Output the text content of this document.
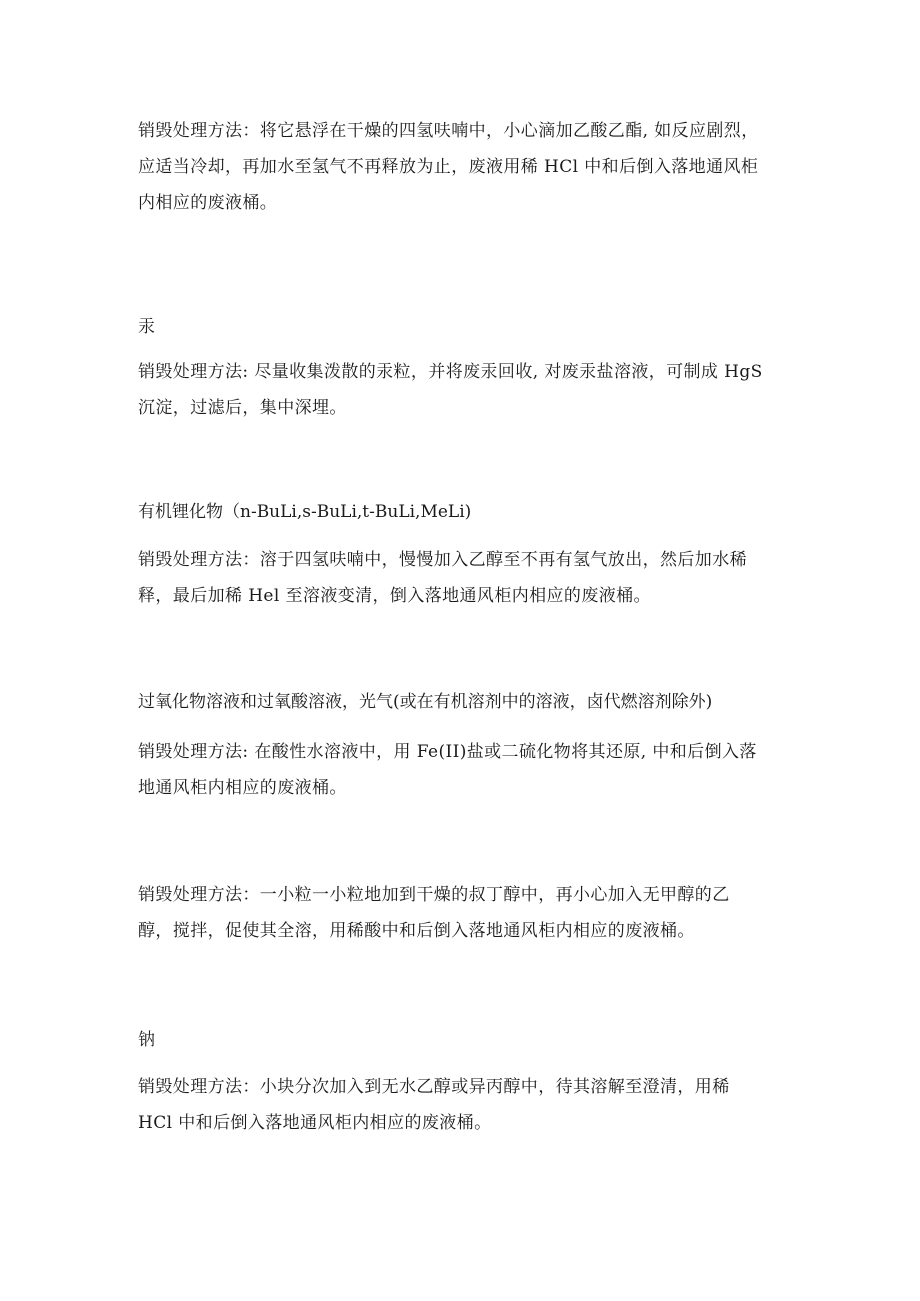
销毁处理方法：将它悬浮在干燥的四氢呋喃中，小心滴加乙酸乙酯, 如反应剧烈，
应适当冷却，再加水至氢气不再释放为止，废液用稀 HCl 中和后倒入落地通风柜
内相应的废液桶。
汞
销毁处理方法: 尽量收集泼散的汞粒，并将废汞回收, 对废汞盐溶液，可制成 HgS
沉淀，过滤后，集中深埋。
有机锂化物（n-BuLi,s-BuLi,t-BuLi,MeLi)
销毁处理方法：溶于四氢呋喃中，慢慢加入乙醇至不再有氢气放出，然后加水稀
释，最后加稀 Hel 至溶液变清，倒入落地通风柜内相应的废液桶。
过氧化物溶液和过氧酸溶液，光气(或在有机溶剂中的溶液，卤代燃溶剂除外)
销毁处理方法: 在酸性水溶液中，用 Fe(II)盐或二硫化物将其还原, 中和后倒入落
地通风柜内相应的废液桶。
销毁处理方法：一小粒一小粒地加到干燥的叔丁醇中，再小心加入无甲醇的乙
醇，搅拌，促使其全溶，用稀酸中和后倒入落地通风柜内相应的废液桶。
钠
销毁处理方法：小块分次加入到无水乙醇或异丙醇中，待其溶解至澄清，用稀
HCl 中和后倒入落地通风柜内相应的废液桶。
